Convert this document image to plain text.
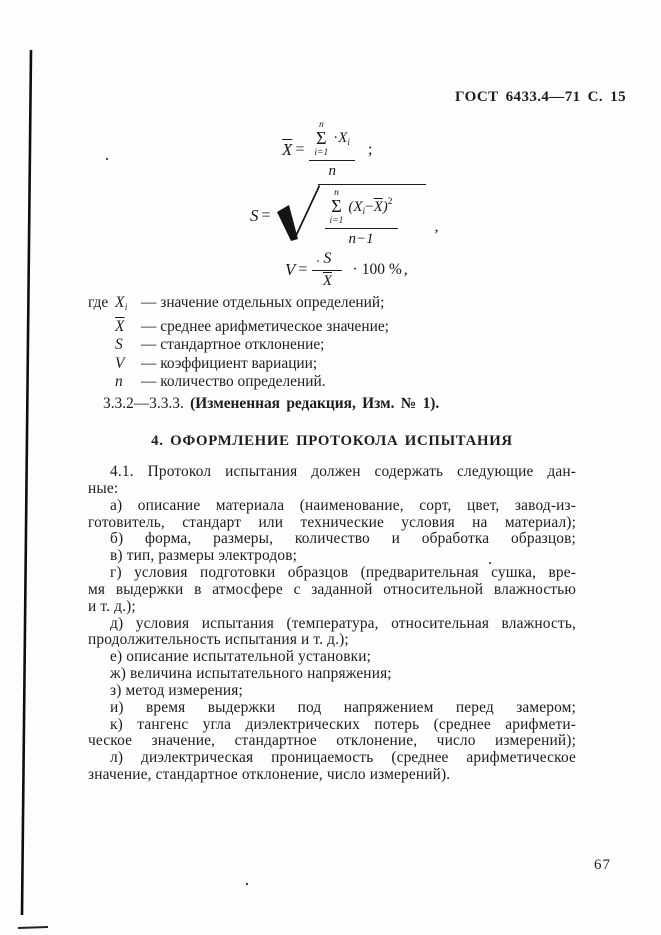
ГОСТ 6433.4—71 С. 15
$\overline{X} = n$
Σ
i=1
$\cdot X_i$
n ;
S =	n
Σ
i=1
$(X_i-\overline{X})^2$
n−1 ,
$V = \frac{S}{X} \cdot 100$ % ,
где $X_i$ — значение отдельных определений;
$\overline{X}$	— среднее арифметическое значение;
S	— стандартное отклонение;
V	— коэффициент вариации;
n	— количество определений.
3.3.2—3.3.3. (Измененная редакция, Изм. № 1).
4. ОФОРМЛЕНИЕ ПРОТОКОЛА ИСПЫТАНИЯ
4.1. Протокол испытания должен содержать следующие дан-
ные:
а) описание материала (наименование, сорт, цвет, завод-из-
готовитель, стандарт или технические условия на материал);
б) форма, размеры, количество и обработка образцов;
в) тип, размеры электродов;
г) условия подготовки образцов (предварительная сушка, вре-
мя выдержки в атмосфере с заданной относительной влажностью
и т. д.);
д) условия испытания (температура, относительная влажность,
продолжительность испытания и т. д.);
е) описание испытательной установки;
ж) величина испытательного напряжения;
з) метод измерения;
и) время выдержки под напряжением перед замером;
к) тангенс угла диэлектрических потерь (среднее арифмети-
ческое значение, стандартное отклонение, число измерений);
л) диэлектрическая проницаемость (среднее арифметическое
значение, стандартное отклонение, число измерений).
67
